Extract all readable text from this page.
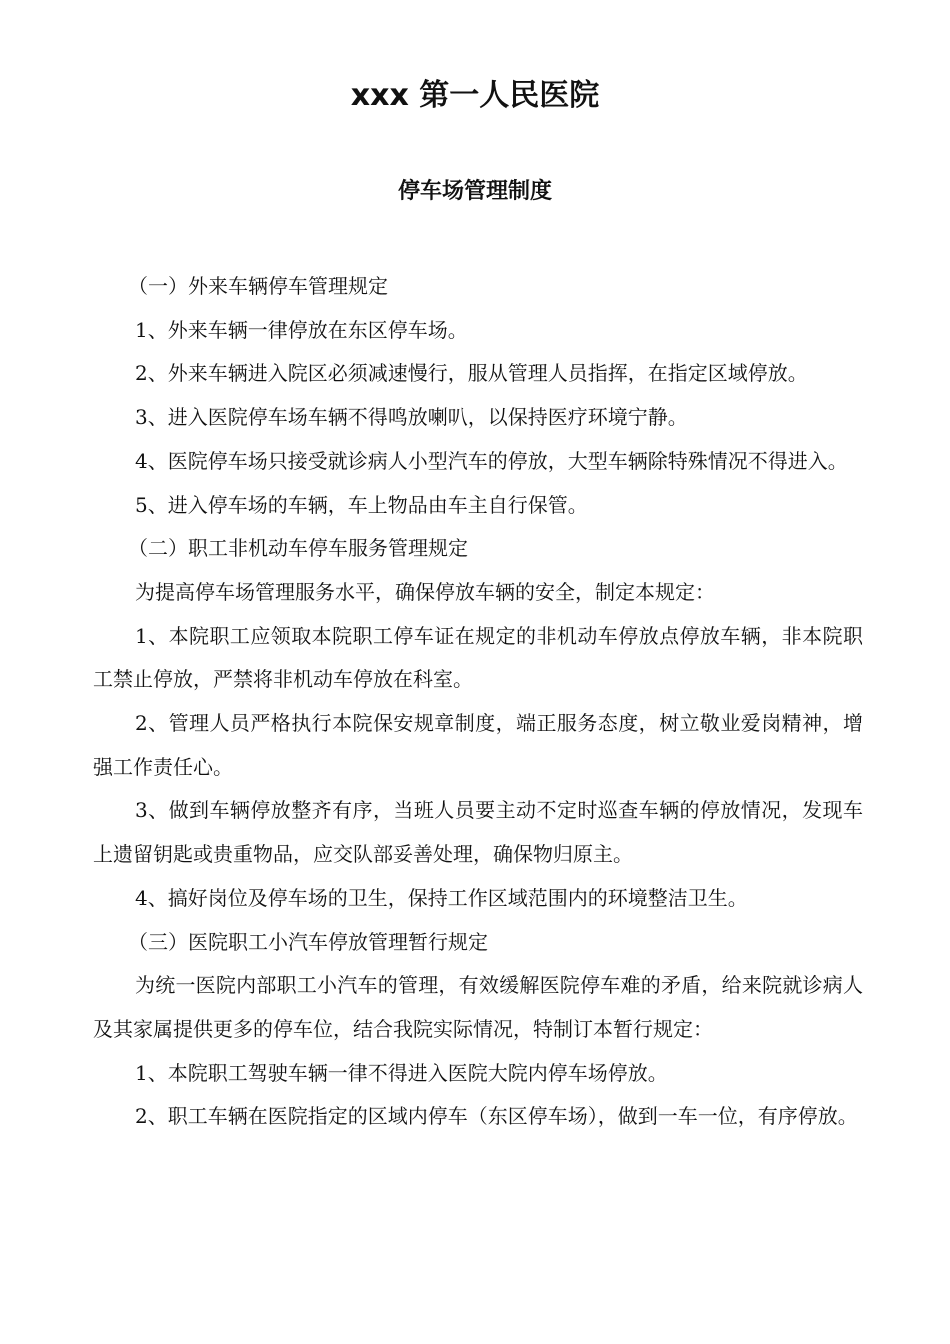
xxx 第一人民医院
停车场管理制度

（一）外来车辆停车管理规定

1、外来车辆一律停放在东区停车场。

2、外来车辆进入院区必须减速慢行，服从管理人员指挥，在指定区域停放。

3、进入医院停车场车辆不得鸣放喇叭，以保持医疗环境宁静。

4、医院停车场只接受就诊病人小型汽车的停放，大型车辆除特殊情况不得进入。

5、进入停车场的车辆，车上物品由车主自行保管。

（二）职工非机动车停车服务管理规定

为提高停车场管理服务水平，确保停放车辆的安全，制定本规定：

1、本院职工应领取本院职工停车证在规定的非机动车停放点停放车辆，非本院职工禁止停放，严禁将非机动车停放在科室。

2、管理人员严格执行本院保安规章制度，端正服务态度，树立敬业爱岗精神，增强工作责任心。

3、做到车辆停放整齐有序，当班人员要主动不定时巡查车辆的停放情况，发现车上遗留钥匙或贵重物品，应交队部妥善处理，确保物归原主。

4、搞好岗位及停车场的卫生，保持工作区域范围内的环境整洁卫生。

（三）医院职工小汽车停放管理暂行规定

为统一医院内部职工小汽车的管理，有效缓解医院停车难的矛盾，给来院就诊病人及其家属提供更多的停车位，结合我院实际情况，特制订本暂行规定：

1、本院职工驾驶车辆一律不得进入医院大院内停车场停放。

2、职工车辆在医院指定的区域内停车（东区停车场），做到一车一位，有序停放。
